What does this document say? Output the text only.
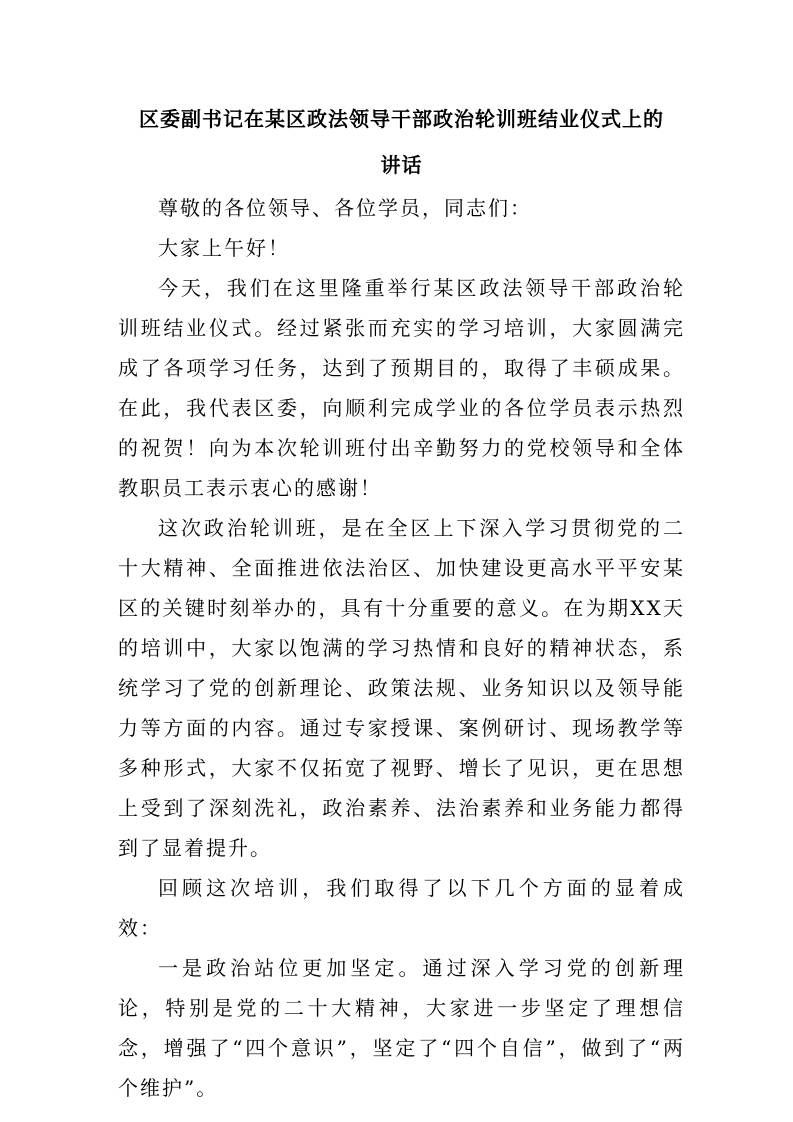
区委副书记在某区政法领导干部政治轮训班结业仪式上的
讲话

尊敬的各位领导、各位学员，同志们：

大家上午好！

今天，我们在这里隆重举行某区政法领导干部政治轮训班结业仪式。经过紧张而充实的学习培训，大家圆满完成了各项学习任务，达到了预期目的，取得了丰硕成果。在此，我代表区委，向顺利完成学业的各位学员表示热烈的祝贺！向为本次轮训班付出辛勤努力的党校领导和全体教职员工表示衷心的感谢！

这次政治轮训班，是在全区上下深入学习贯彻党的二十大精神、全面推进依法治区、加快建设更高水平平安某区的关键时刻举办的，具有十分重要的意义。在为期XX天的培训中，大家以饱满的学习热情和良好的精神状态，系统学习了党的创新理论、政策法规、业务知识以及领导能力等方面的内容。通过专家授课、案例研讨、现场教学等多种形式，大家不仅拓宽了视野、增长了见识，更在思想上受到了深刻洗礼，政治素养、法治素养和业务能力都得到了显着提升。

回顾这次培训，我们取得了以下几个方面的显着成效：

一是政治站位更加坚定。通过深入学习党的创新理论，特别是党的二十大精神，大家进一步坚定了理想信念，增强了“四个意识”，坚定了“四个自信”，做到了“两个维护”。
